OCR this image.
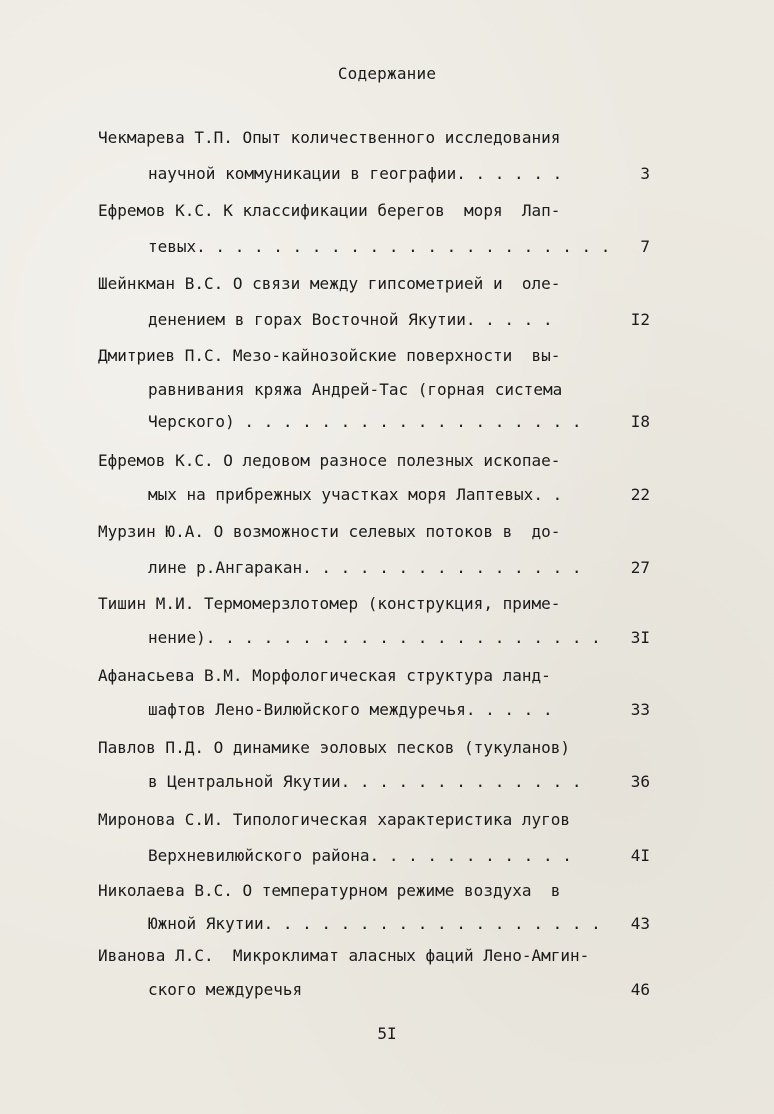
Содержание
Чекмарева Т.П. Опыт количественного исследования
научной коммуникации в географии. . . . . .	3
Ефремов К.С. К классификации берегов  моря  Лап-
тевых. . . . . . . . . . . . . . . . . . . . . . 7
Шейнкман В.С. О связи между гипсометрией и  оле-
денением в горах Восточной Якутии. . . . .	I2
Дмитриев П.С. Мезо-кайнозойские поверхности  вы-
равнивания кряжа Андрей-Тас (горная система
Черского) . . . . . . . . . . . . . . . . . .	I8
Ефремов К.С. О ледовом разносе полезных ископае-
мых на прибрежных участках моря Лаптевых. .	22
Мурзин Ю.А. О возможности селевых потоков в  до-
лине р.Ангаракан. . . . . . . . . . . . . . .	27
Тишин М.И. Термомерзлотомер (конструкция, приме-
нение). . . . . . . . . . . . . . . . . . . . . 3I
Афанасьева В.М. Морфологическая структура ланд-
шафтов Лено-Вилюйского междуречья. . . . .	33
Павлов П.Д. О динамике эоловых песков (тукуланов)
в Центральной Якутии. . . . . . . . . . . . .	36
Миронова С.И. Типологическая характеристика лугов
Верхневилюйского района. . . . . . . . . . .	4I
Николаева В.С. О температурном режиме воздуха  в
Южной Якутии. . . . . . . . . . . . . . . . . . 43
Иванова Л.С.  Микроклимат аласных фаций Лено-Амгин-
ского междуречья	46
5I
